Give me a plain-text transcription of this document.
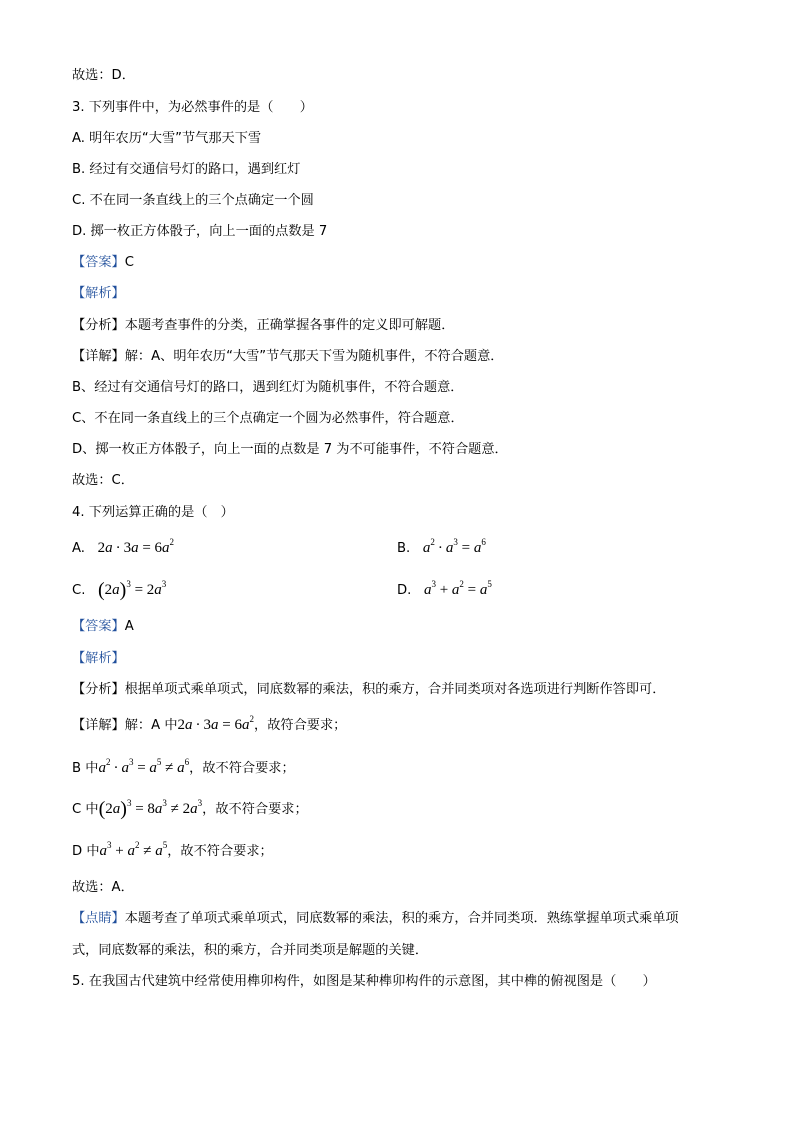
故选：D．
3. 下列事件中，为必然事件的是（　　）
A. 明年农历“大雪”节气那天下雪
B. 经过有交通信号灯的路口，遇到红灯
C. 不在同一条直线上的三个点确定一个圆
D. 掷一枚正方体骰子，向上一面的点数是 7
【答案】C
【解析】
【分析】本题考查事件的分类，正确掌握各事件的定义即可解题．
【详解】解：A、明年农历“大雪”节气那天下雪为随机事件，不符合题意．
B、经过有交通信号灯的路口，遇到红灯为随机事件，不符合题意．
C、不在同一条直线上的三个点确定一个圆为必然事件，符合题意．
D、掷一枚正方体骰子，向上一面的点数是 7 为不可能事件，不符合题意．
故选：C．
4. 下列运算正确的是（　）
A. $2a \cdot 3a = 6a^2$	B. $a^2 \cdot a^3 = a^6$
C. $(2a)^3 = 2a^3$	D. $a^3 + a^2 = a^5$
【答案】A
【解析】
【分析】根据单项式乘单项式，同底数幂的乘法，积的乘方，合并同类项对各选项进行判断作答即可．
【详解】解：A 中$2a \cdot 3a = 6a^2$，故符合要求；
B 中$a^2 \cdot a^3 = a^5 \ne a^6$，故不符合要求；
C 中$(2a)^3 = 8a^3 \ne 2a^3$，故不符合要求；
D 中$a^3 + a^2 \ne a^5$，故不符合要求；
故选：A．
【点睛】本题考查了单项式乘单项式，同底数幂的乘法，积的乘方，合并同类项．熟练掌握单项式乘单项
式，同底数幂的乘法，积的乘方，合并同类项是解题的关键．
5. 在我国古代建筑中经常使用榫卯构件，如图是某种榫卯构件的示意图，其中榫的俯视图是（　　）
